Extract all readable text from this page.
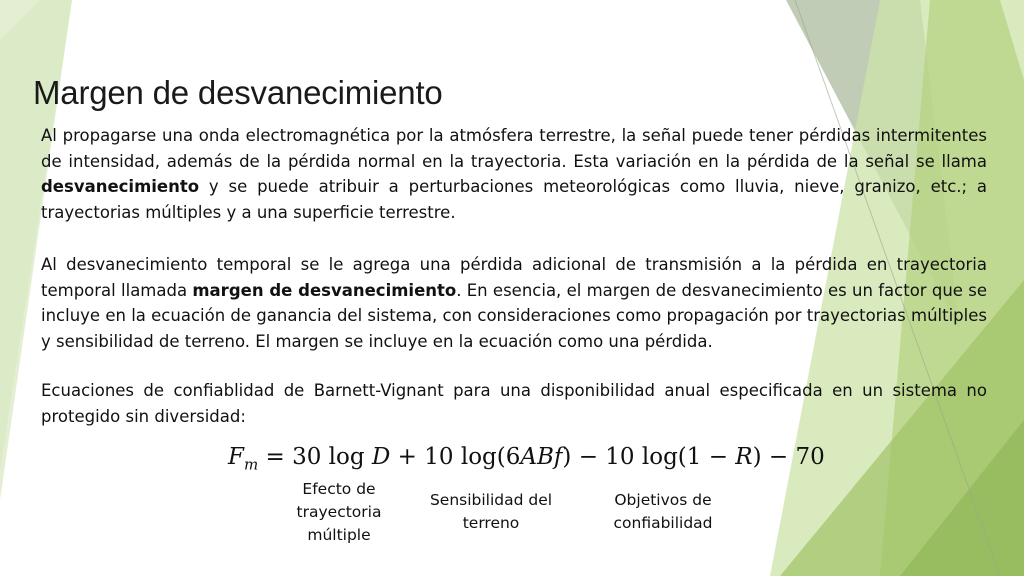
Margen de desvanecimiento

Al propagarse una onda electromagnética por la atmósfera terrestre, la señal puede tener pérdidas intermitentes de intensidad, además de la pérdida normal en la trayectoria. Esta variación en la pérdida de la señal se llama desvanecimiento y se puede atribuir a perturbaciones meteorológicas como lluvia, nieve, granizo, etc.; a trayectorias múltiples y a una superficie terrestre.

Al desvanecimiento temporal se le agrega una pérdida adicional de transmisión a la pérdida en trayectoria temporal llamada margen de desvanecimiento. En esencia, el margen de desvanecimiento es un factor que se incluye en la ecuación de ganancia del sistema, con consideraciones como propagación por trayectorias múltiples y sensibilidad de terreno. El margen se incluye en la ecuación como una pérdida.

Ecuaciones de confiablidad de Barnett-Vignant para una disponibilidad anual especificada en un sistema no protegido sin diversidad:

$F_m = 30$ log D + 10 log(6ABf) − 10 log(1 − R) − 70
Efecto de
trayectoria
múltiple
Sensibilidad del
terreno
Objetivos de
confiabilidad
